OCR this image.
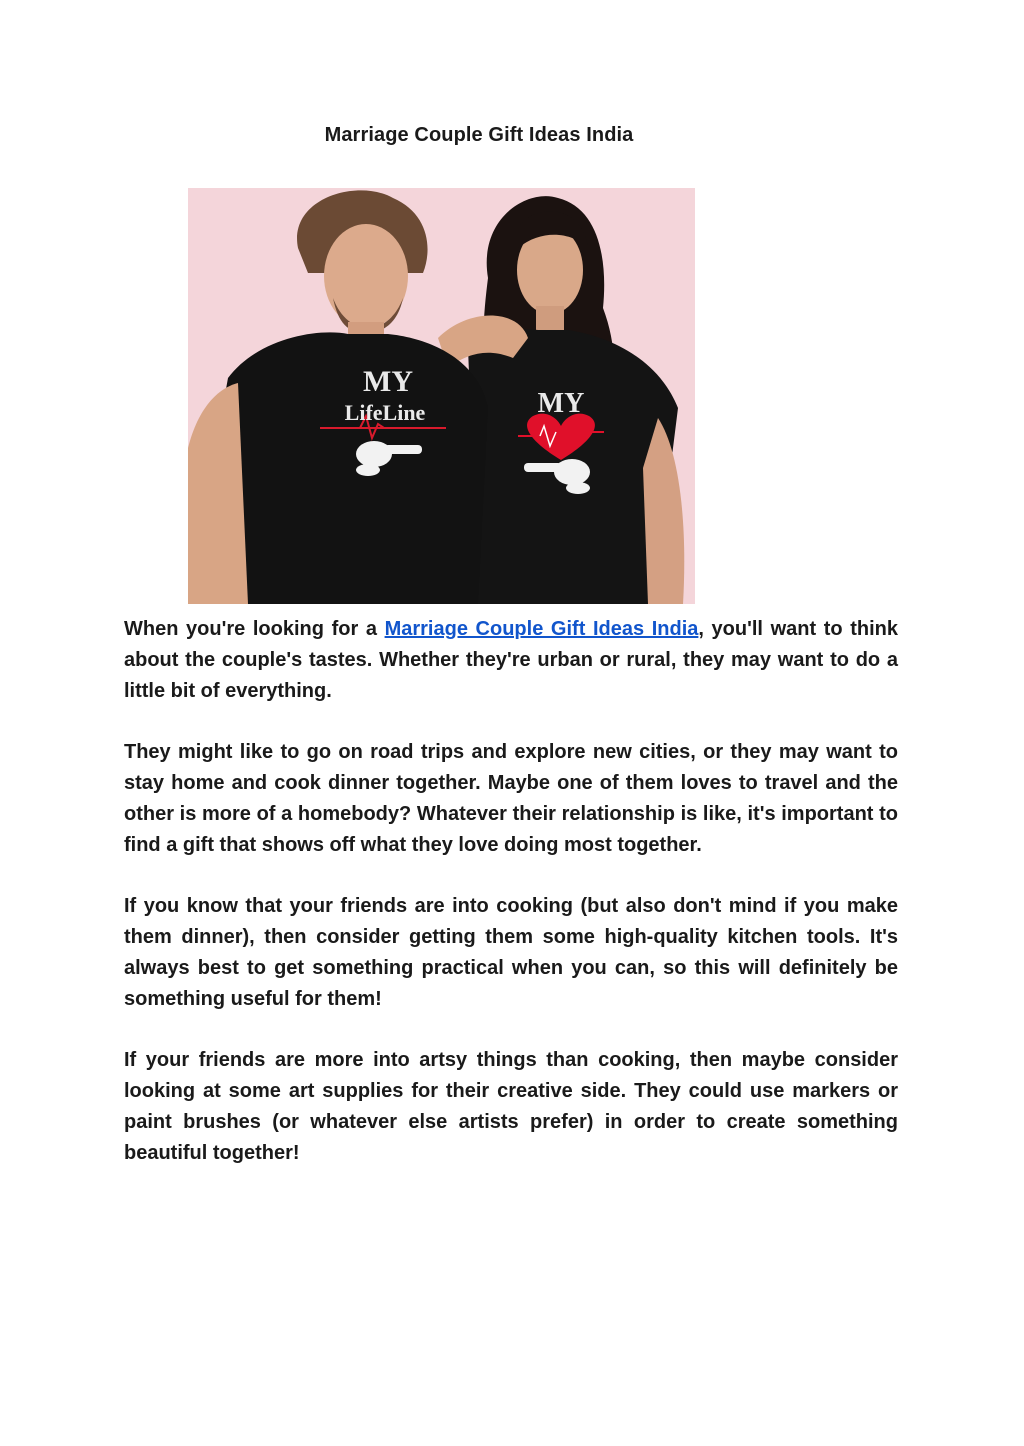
Marriage Couple Gift Ideas India
MY
LifeLine	MY

When you're looking for a Marriage Couple Gift Ideas India, you'll want to think about the couple's tastes. Whether they're urban or rural, they may want to do a little bit of everything.

They might like to go on road trips and explore new cities, or they may want to stay home and cook dinner together. Maybe one of them loves to travel and the other is more of a homebody? Whatever their relationship is like, it's important to find a gift that shows off what they love doing most together.

If you know that your friends are into cooking (but also don't mind if you make them dinner), then consider getting them some high-quality kitchen tools. It's always best to get something practical when you can, so this will definitely be something useful for them!

If your friends are more into artsy things than cooking, then maybe consider looking at some art supplies for their creative side. They could use markers or paint brushes (or whatever else artists prefer) in order to create something beautiful together!
